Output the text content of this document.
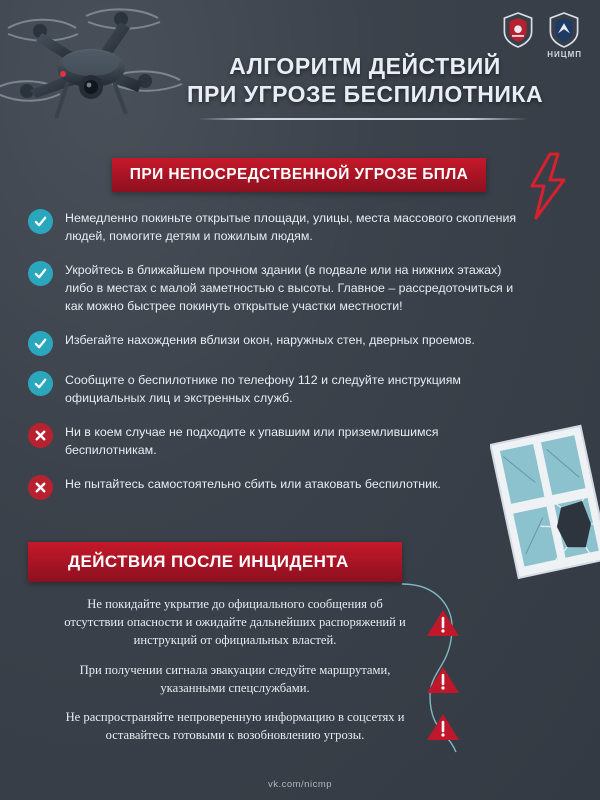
НИЦМП
АЛГОРИТМ ДЕЙСТВИЙ
ПРИ УГРОЗЕ БЕСПИЛОТНИКА
ПРИ НЕПОСРЕДСТВЕННОЙ УГРОЗЕ БПЛА
Немедленно покиньте открытые площади, улицы, места массового скопления людей, помогите детям и пожилым людям.
Укройтесь в ближайшем прочном здании (в подвале или на нижних этажах) либо в местах с малой заметностью с высоты. Главное – рассредоточиться и как можно быстрее покинуть открытые участки местности!
Избегайте нахождения вблизи окон, наружных стен, дверных проемов.
Сообщите о беспилотнике по телефону 112 и следуйте инструкциям официальных лиц и экстренных служб.
Ни в коем случае не подходите к упавшим или приземлившимся беспилотникам.
Не пытайтесь самостоятельно сбить или атаковать беспилотник.
ДЕЙСТВИЯ ПОСЛЕ ИНЦИДЕНТА
Не покидайте укрытие до официального сообщения об отсутствии опасности и ожидайте дальнейших распоряжений и инструкций от официальных властей.
При получении сигнала эвакуации следуйте маршрутами, указанными спецслужбами.
Не распространяйте непроверенную информацию в соцсетях и оставайтесь готовыми к возобновлению угрозы.
vk.com/nicmp
